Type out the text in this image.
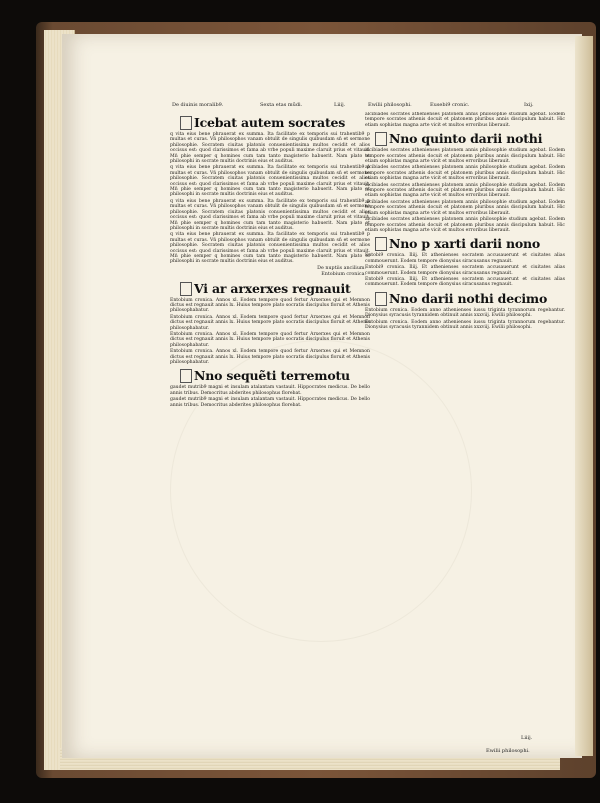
De diuinis moralib9.	Sexta etas mũdi.	Liiij.	Ewilii philosophi.	Eusebi9 cronic.	Ixij.
Icebat autem socrates
q vita eius bene phrauerat ex summa. Ita facilitate ex temporis sui trahentib9 p multas et curas. Vñ philosophos vanam obtulit de singulis quibusdam sñ et sermone philosophie. Socratem ciuitas platonis conuenientissima multos cecidit et alios occisus est: quod clarissimos et fama ab vrbe populi maxime claruit prius et vitauit. Mñ phie semper q homines cum tam tanto magisterio habuerit. Nam plato et philosophi in socrate multis doctrinis eius et auditus.
q vita eius bene phrauerat ex summa. Ita facilitate ex temporis sui trahentib9 p multas et curas. Vñ philosophos vanam obtulit de singulis quibusdam sñ et sermone philosophie. Socratem ciuitas platonis conuenientissima multos cecidit et alios occisus est: quod clarissimos et fama ab vrbe populi maxime claruit prius et vitauit. Mñ phie semper q homines cum tam tanto magisterio habuerit. Nam plato et philosophi in socrate multis doctrinis eius et auditus.
q vita eius bene phrauerat ex summa. Ita facilitate ex temporis sui trahentib9 p multas et curas. Vñ philosophos vanam obtulit de singulis quibusdam sñ et sermone philosophie. Socratem ciuitas platonis conuenientissima multos cecidit et alios occisus est: quod clarissimos et fama ab vrbe populi maxime claruit prius et vitauit. Mñ phie semper q homines cum tam tanto magisterio habuerit. Nam plato et philosophi in socrate multis doctrinis eius et auditus.
q vita eius bene phrauerat ex summa. Ita facilitate ex temporis sui trahentib9 p multas et curas. Vñ philosophos vanam obtulit de singulis quibusdam sñ et sermone philosophie. Socratem ciuitas platonis conuenientissima multos cecidit et alios occisus est: quod clarissimos et fama ab vrbe populi maxime claruit prius et vitauit. Mñ phie semper q homines cum tam tanto magisterio habuerit. Nam plato et philosophi in socrate multis doctrinis eius et auditus.
De nuptiis ancilium.
Entobium cronica.
Vi ar arxerxes regnauit
Entobium cronica. Annos xl. Eodem tempore quod fertur Arxerxes qui et Memnon dictus est regnauit annis lx. Huius tempore plato socratis discipulus floruit et Athenis philosophabatur.
Entobium cronica. Annos xl. Eodem tempore quod fertur Arxerxes qui et Memnon dictus est regnauit annis lx. Huius tempore plato socratis discipulus floruit et Athenis philosophabatur.
Entobium cronica. Annos xl. Eodem tempore quod fertur Arxerxes qui et Memnon dictus est regnauit annis lx. Huius tempore plato socratis discipulus floruit et Athenis philosophabatur.
Entobium cronica. Annos xl. Eodem tempore quod fertur Arxerxes qui et Memnon dictus est regnauit annis lx. Huius tempore plato socratis discipulus floruit et Athenis philosophabatur.
Nno sequẽti terremotu
gaudet mutrib9 magni et insulam atalantam vastauit. Hippocrates medicus. De bello annis tribus. Democritus abderites philosophus florebat.
gaudet mutrib9 magni et insulam atalantam vastauit. Hippocrates medicus. De bello annis tribus. Democritus abderites philosophus florebat.
alcibiades socrates athenienses platonem annis philosophie studium agebat. Eodem tempore socrates athenis docuit et platonem pluribus annis discipulum habuit. Hic etiam sophistas magna arte vicit et multos erroribus liberauit.
Nno quinto darii nothi
alcibiades socrates athenienses platonem annis philosophie studium agebat. Eodem tempore socrates athenis docuit et platonem pluribus annis discipulum habuit. Hic etiam sophistas magna arte vicit et multos erroribus liberauit.
alcibiades socrates athenienses platonem annis philosophie studium agebat. Eodem tempore socrates athenis docuit et platonem pluribus annis discipulum habuit. Hic etiam sophistas magna arte vicit et multos erroribus liberauit.
alcibiades socrates athenienses platonem annis philosophie studium agebat. Eodem tempore socrates athenis docuit et platonem pluribus annis discipulum habuit. Hic etiam sophistas magna arte vicit et multos erroribus liberauit.
alcibiades socrates athenienses platonem annis philosophie studium agebat. Eodem tempore socrates athenis docuit et platonem pluribus annis discipulum habuit. Hic etiam sophistas magna arte vicit et multos erroribus liberauit.
alcibiades socrates athenienses platonem annis philosophie studium agebat. Eodem tempore socrates athenis docuit et platonem pluribus annis discipulum habuit. Hic etiam sophistas magna arte vicit et multos erroribus liberauit.
Nno p xarti darii nono
Entobi9 cronica. Iliij. Et athenienses socratem accusauerunt et ciuitates alias commouerunt. Eodem tempore dionysius siracusanus regnauit.
Entobi9 cronica. Iliij. Et athenienses socratem accusauerunt et ciuitates alias commouerunt. Eodem tempore dionysius siracusanus regnauit.
Entobi9 cronica. Iliij. Et athenienses socratem accusauerunt et ciuitates alias commouerunt. Eodem tempore dionysius siracusanus regnauit.
Nno darii nothi decimo
Entobium cronica. Eodem anno athenienses iussu triginta tyrannorum regebantur. Dionysius syracusis tyrannidem obtinuit annis xxxviij. Ewilii philosophi.
Entobium cronica. Eodem anno athenienses iussu triginta tyrannorum regebantur. Dionysius syracusis tyrannidem obtinuit annis xxxviij. Ewilii philosophi.
Liiij.
Ewilii philosophi.
